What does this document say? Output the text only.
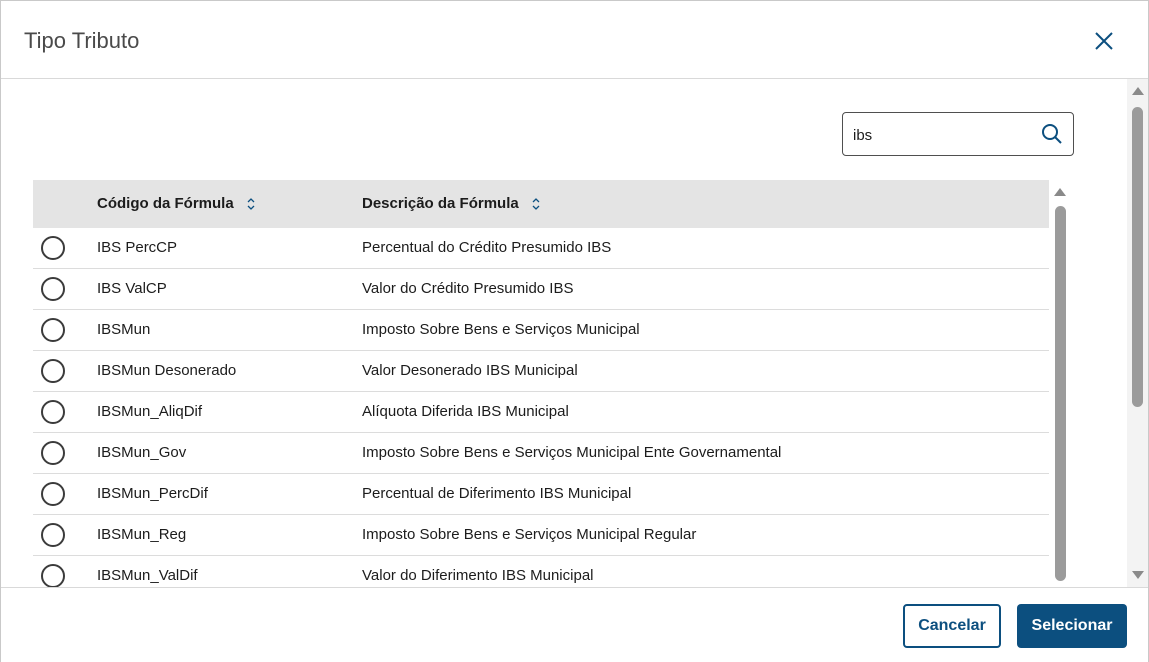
Tipo Tributo
ibs
Código da Fórmula	Descrição da Fórmula
IBS PercCP	Percentual do Crédito Presumido IBS
IBS ValCP	Valor do Crédito Presumido IBS
IBSMun	Imposto Sobre Bens e Serviços Municipal
IBSMun Desonerado	Valor Desonerado IBS Municipal
IBSMun_AliqDif	Alíquota Diferida IBS Municipal
IBSMun_Gov	Imposto Sobre Bens e Serviços Municipal Ente Governamental
IBSMun_PercDif	Percentual de Diferimento IBS Municipal
IBSMun_Reg	Imposto Sobre Bens e Serviços Municipal Regular
IBSMun_ValDif	Valor do Diferimento IBS Municipal
Cancelar	Selecionar
